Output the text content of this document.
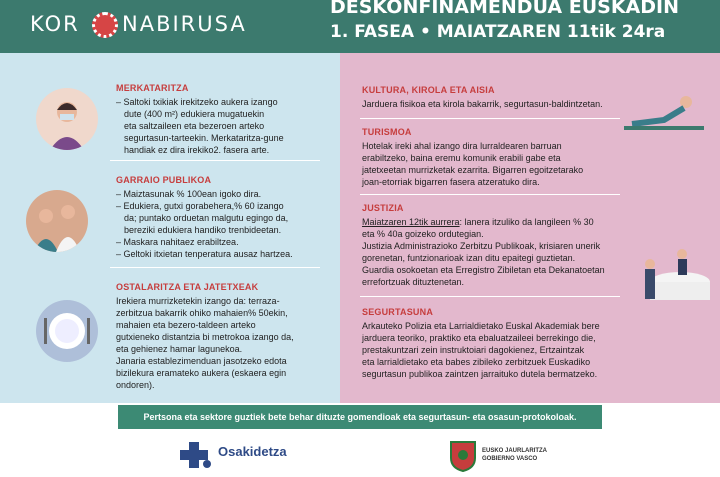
KOR NABIRUSA
DESKONFINAMENDUA EUSKADIN
1. FASEA • MAIATZAREN 11tik 24ra
MERKATARITZA
– Saltoki txikiak irekitzeko aukera izango
dute (400 m²) edukiera mugatuekin
eta saltzaileen eta bezeroen arteko
segurtasun-tarteekin. Merkataritza-gune
handiak ez dira irekiko2. fasera arte.
GARRAIO PUBLIKOA
– Maiztasunak % 100ean igoko dira.
– Edukiera, gutxi gorabehera,% 60 izango
da; puntako orduetan malgutu egingo da,
bereziki edukiera handiko trenbideetan.
– Maskara nahitaez erabiltzea.
– Geltoki itxietan tenperatura ausaz hartzea.
OSTALARITZA ETA JATETXEAK
Irekiera murrizketekin izango da: terraza-
zerbitzua bakarrik ohiko mahaien% 50ekin,
mahaien eta bezero-taldeen arteko
gutxieneko distantzia bi metrokoa izango da,
eta gehienez hamar lagunekoa.
Janaria establezimenduan jasotzeko edota
bizilekura eramateko aukera (eskaera egin
ondoren).
KULTURA, KIROLA ETA AISIA
Jarduera fisikoa eta kirola bakarrik, segurtasun-baldintzetan.
TURISMOA
Hotelak ireki ahal izango dira lurraldearen barruan
erabiltzeko, baina eremu komunik erabili gabe eta
jatetxeetan murrizketak ezarrita. Bigarren egoitzetarako
joan-etorriak bigarren fasera atzeratuko dira.
JUSTIZIA
Maiatzaren 12tik aurrera: lanera itzuliko da langileen % 30
eta % 40a goizeko ordutegian.
Justizia Administrazioko Zerbitzu Publikoak, krisiaren unerik
gorenetan, funtzionarioak izan ditu epaitegi guztietan.
Guardia osokoetan eta Erregistro Zibiletan eta Dekanatoetan
errefortzuak dituztenetan.
SEGURTASUNA
Arkauteko Polizia eta Larrialdietako Euskal Akademiak bere
jarduera teoriko, praktiko eta ebaluatzaileei berrekingo die,
prestakuntzari zein instruktoiari dagokienez, Ertzaintzak
eta larrialdietako eta babes zibileko zerbitzuek Euskadiko
segurtasun publikoa zaintzen jarraituko dutela bermatzeko.
Pertsona eta sektore guztiek bete behar dituzte gomendioak eta segurtasun- eta osasun-protokoloak.
Osakidetza	EUSKO JAURLARITZA
GOBIERNO VASCO
